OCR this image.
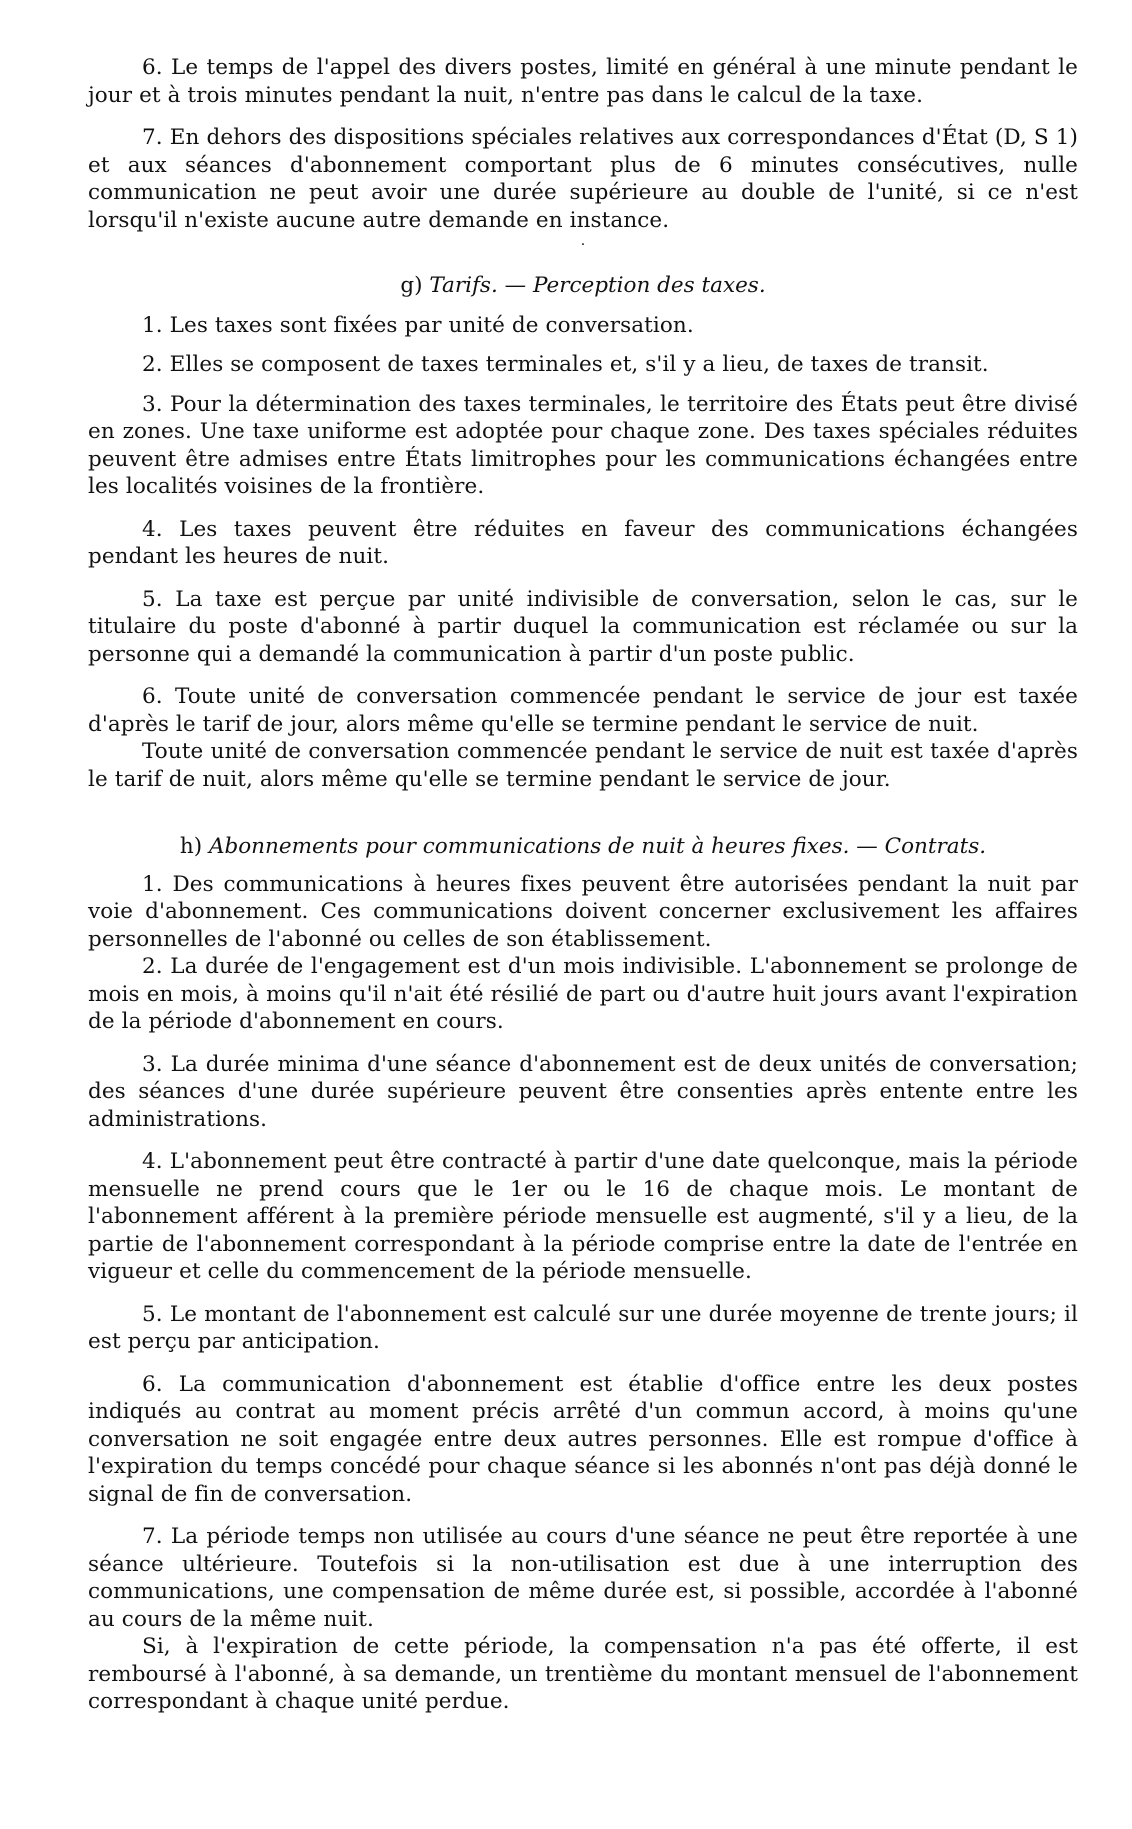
6. Le temps de l'appel des divers postes, limité en général à une minute pendant le jour et à trois minutes pendant la nuit, n'entre pas dans le calcul de la taxe.

7. En dehors des dispositions spéciales relatives aux correspondances d'État (D, S 1) et aux séances d'abonnement comportant plus de 6 minutes consécutives, nulle communication ne peut avoir une durée supérieure au double de l'unité, si ce n'est lorsqu'il n'existe aucune autre demande en instance.

·
g) Tarifs. — Perception des taxes.

1. Les taxes sont fixées par unité de conversation.

2. Elles se composent de taxes terminales et, s'il y a lieu, de taxes de transit.

3. Pour la détermination des taxes terminales, le territoire des États peut être divisé en zones. Une taxe uniforme est adoptée pour chaque zone. Des taxes spéciales réduites peuvent être admises entre États limitrophes pour les communications échangées entre les localités voisines de la frontière.

4. Les taxes peuvent être réduites en faveur des communications échangées pendant les heures de nuit.

5. La taxe est perçue par unité indivisible de conversation, selon le cas, sur le titulaire du poste d'abonné à partir duquel la communication est réclamée ou sur la personne qui a demandé la communication à partir d'un poste public.

6. Toute unité de conversation commencée pendant le service de jour est taxée d'après le tarif de jour, alors même qu'elle se termine pendant le service de nuit.

Toute unité de conversation commencée pendant le service de nuit est taxée d'après le tarif de nuit, alors même qu'elle se termine pendant le service de jour.

h) Abonnements pour communications de nuit à heures fixes. — Contrats.

1. Des communications à heures fixes peuvent être autorisées pendant la nuit par voie d'abonnement. Ces communications doivent concerner exclusivement les affaires personnelles de l'abonné ou celles de son établissement.

2. La durée de l'engagement est d'un mois indivisible. L'abonnement se prolonge de mois en mois, à moins qu'il n'ait été résilié de part ou d'autre huit jours avant l'expiration de la période d'abonnement en cours.

3. La durée minima d'une séance d'abonnement est de deux unités de conversation; des séances d'une durée supérieure peuvent être consenties après entente entre les administrations.

4. L'abonnement peut être contracté à partir d'une date quelconque, mais la période mensuelle ne prend cours que le 1er ou le 16 de chaque mois. Le montant de l'abonnement afférent à la première période mensuelle est augmenté, s'il y a lieu, de la partie de l'abonnement correspondant à la période comprise entre la date de l'entrée en vigueur et celle du commencement de la période mensuelle.

5. Le montant de l'abonnement est calculé sur une durée moyenne de trente jours; il est perçu par anticipation.

6. La communication d'abonnement est établie d'office entre les deux postes indiqués au contrat au moment précis arrêté d'un commun accord, à moins qu'une conversation ne soit engagée entre deux autres personnes. Elle est rompue d'office à l'expiration du temps concédé pour chaque séance si les abonnés n'ont pas déjà donné le signal de fin de conversation.

7. La période temps non utilisée au cours d'une séance ne peut être reportée à une séance ultérieure. Toutefois si la non-utilisation est due à une interruption des communications, une compensation de même durée est, si possible, accordée à l'abonné au cours de la même nuit.

Si, à l'expiration de cette période, la compensation n'a pas été offerte, il est remboursé à l'abonné, à sa demande, un trentième du montant mensuel de l'abonnement correspondant à chaque unité perdue.
